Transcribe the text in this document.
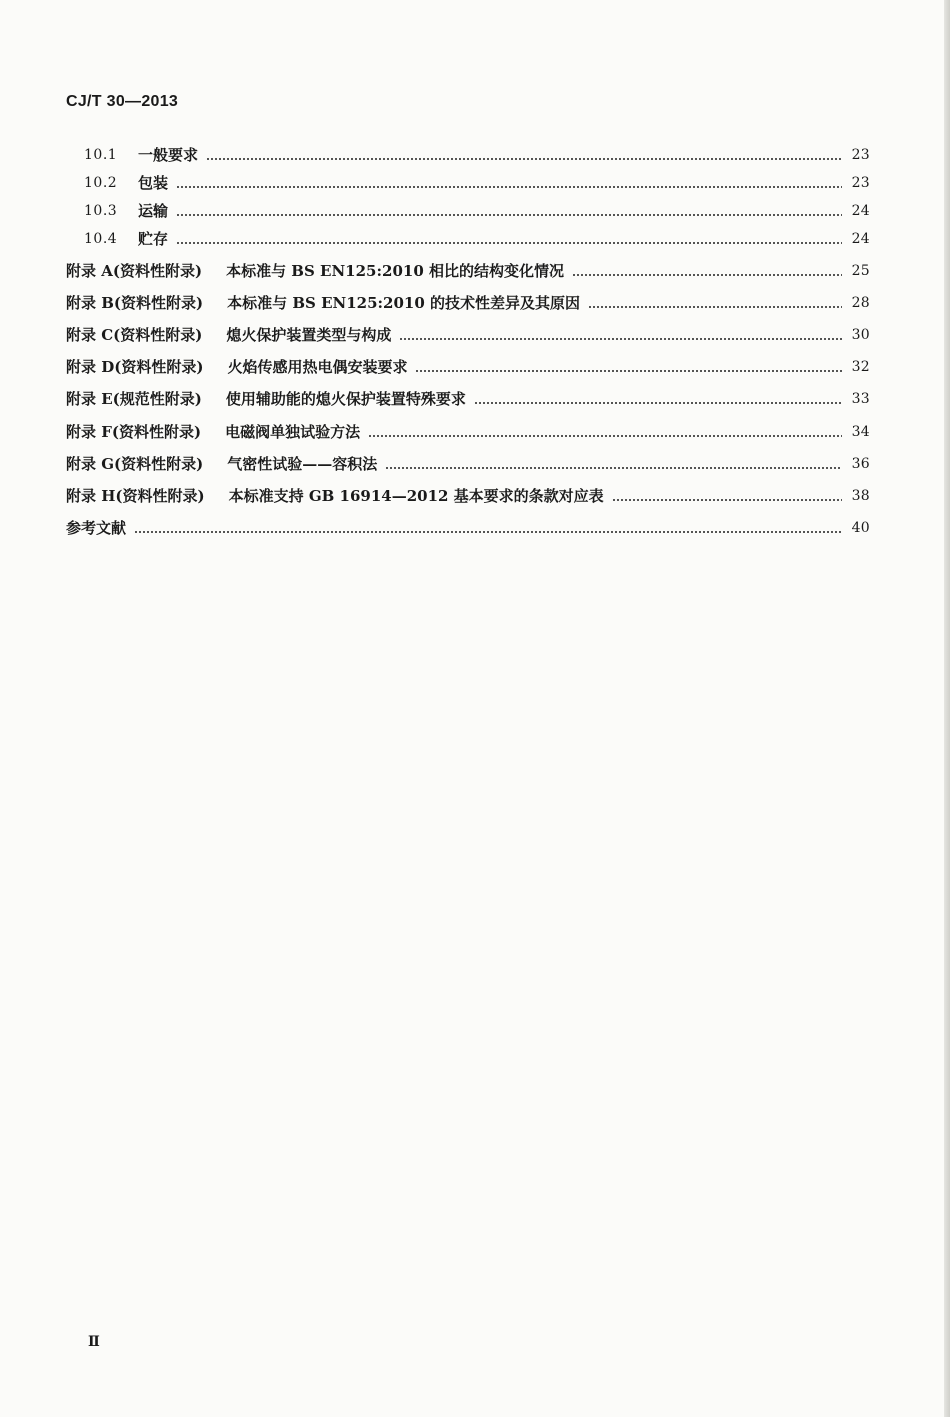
CJ/T 30—2013
10.1	一般要求	23
10.2	包装	23
10.3	运输	24
10.4	贮存	24
附录 A(资料性附录) 本标准与 BS EN125:2010 相比的结构变化情况	25
附录 B(资料性附录) 本标准与 BS EN125:2010 的技术性差异及其原因	28
附录 C(资料性附录) 熄火保护装置类型与构成	30
附录 D(资料性附录) 火焰传感用热电偶安装要求	32
附录 E(规范性附录) 使用辅助能的熄火保护装置特殊要求	33
附录 F(资料性附录) 电磁阀单独试验方法	34
附录 G(资料性附录) 气密性试验——容积法	36
附录 H(资料性附录) 本标准支持 GB 16914—2012 基本要求的条款对应表	38
参考文献	40
Ⅱ
